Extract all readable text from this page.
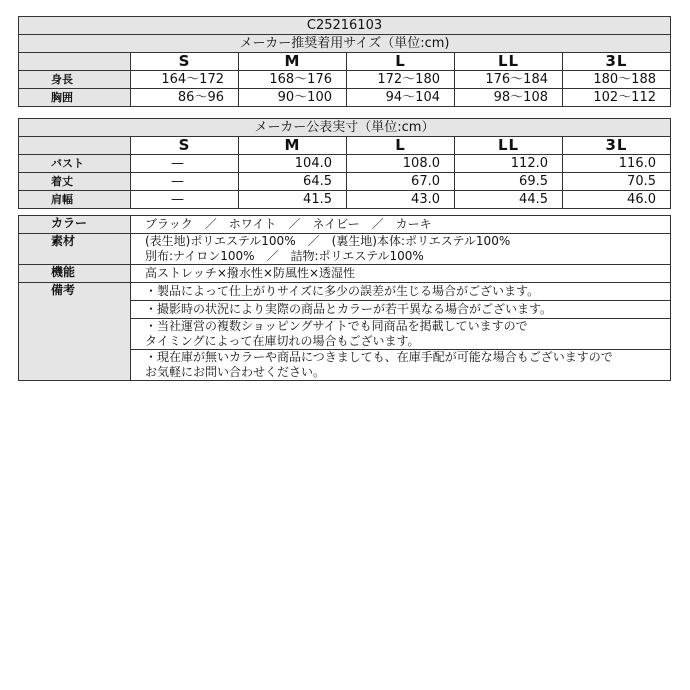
C25216103					
メーカー推奨着用サイズ（単位:cm)					
	S	M	L	LL	3L
身長	164〜172	168〜176	172〜180	176〜184	180〜188
胸囲	86〜96	90〜100	94〜104	98〜108	102〜112
メーカー公表実寸（単位:cm）					
	S	M	L	LL	3L
バスト	—	104.0	108.0	112.0	116.0
着丈	—	64.5	67.0	69.5	70.5
肩幅	—	41.5	43.0	44.5	46.0
カラー	ブラック　／　ホワイト　／　ネイビー　／　カーキ
素材	(表生地)ポリエステル100%　／　(裏生地)本体:ポリエステル100%
別布:ナイロン100%　／　詰物:ポリエステル100%

機能	高ストレッチ×撥水性×防風性×透湿性
備考	・製品によって仕上がりサイズに多少の誤差が生じる場合がございます。

	・撮影時の状況により実際の商品とカラーが若干異なる場合がございます。

	・当社運営の複数ショッピングサイトでも同商品を掲載していますので
タイミングによって在庫切れの場合もございます。

	・現在庫が無いカラーや商品につきましても、在庫手配が可能な場合もございますので
お気軽にお問い合わせください。
